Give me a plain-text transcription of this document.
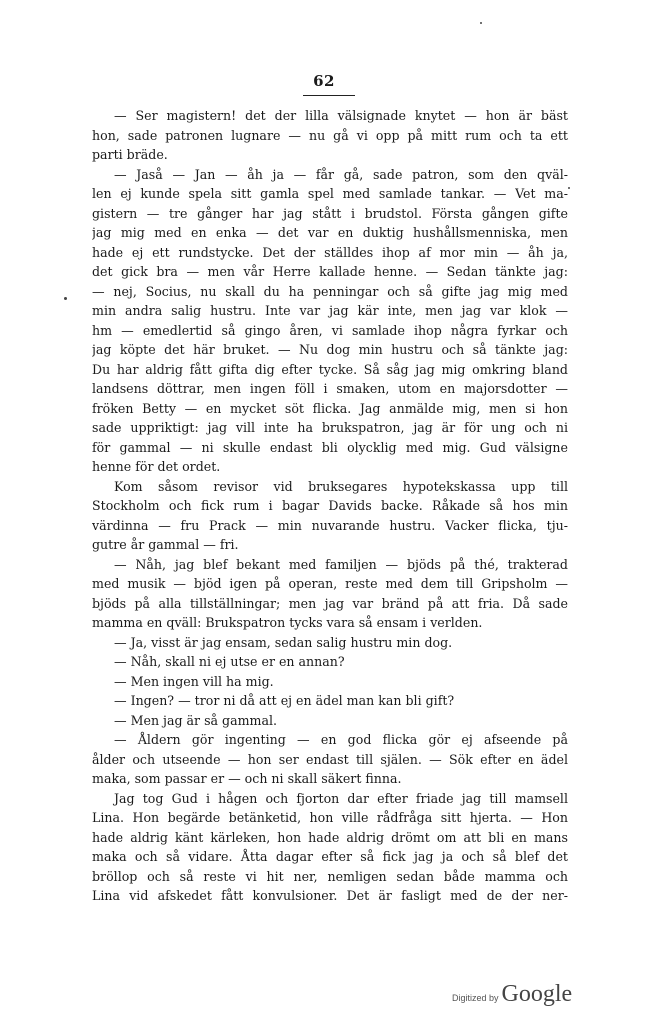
62
— Ser magistern! det der lilla välsignade knytet — hon är bäst
hon, sade patronen lugnare — nu gå vi opp på mitt rum och ta ett
parti bräde.
— Jaså — Jan — åh ja — får gå, sade patron, som den qväl-
len ej kunde spela sitt gamla spel med samlade tankar. — Vet ma-
gistern — tre gånger har jag stått i brudstol. Första gången gifte
jag mig med en enka — det var en duktig hushållsmenniska, men
hade ej ett rundstycke. Det der ställdes ihop af mor min — åh ja,
det gick bra — men vår Herre kallade henne. — Sedan tänkte jag:
— nej, Socius, nu skall du ha penningar och så gifte jag mig med
min andra salig hustru. Inte var jag kär inte, men jag var klok —
hm — emedlertid så gingo åren, vi samlade ihop några fyrkar och
jag köpte det här bruket. — Nu dog min hustru och så tänkte jag:
Du har aldrig fått gifta dig efter tycke. Så såg jag mig omkring bland
landsens döttrar, men ingen föll i smaken, utom en majorsdotter —
fröken Betty — en mycket söt flicka. Jag anmälde mig, men si hon
sade uppriktigt: jag vill inte ha brukspatron, jag är för ung och ni
för gammal — ni skulle endast bli olycklig med mig. Gud välsigne
henne för det ordet.
Kom såsom revisor vid bruksegares hypotekskassa upp till
Stockholm och fick rum i bagar Davids backe. Råkade så hos min
värdinna — fru Prack — min nuvarande hustru. Vacker flicka, tju-
gutre år gammal — fri.
— Nåh, jag blef bekant med familjen — bjöds på thé, trakterad
med musik — bjöd igen på operan, reste med dem till Gripsholm —
bjöds på alla tillställningar; men jag var bränd på att fria. Då sade
mamma en qväll: Brukspatron tycks vara så ensam i verlden.
— Ja, visst är jag ensam, sedan salig hustru min dog.
— Nåh, skall ni ej utse er en annan?
— Men ingen vill ha mig.
— Ingen? — tror ni då att ej en ädel man kan bli gift?
— Men jag är så gammal.
— Åldern gör ingenting — en god flicka gör ej afseende på
ålder och utseende — hon ser endast till själen. — Sök efter en ädel
maka, som passar er — och ni skall säkert finna.
Jag tog Gud i hågen och fjorton dar efter friade jag till mamsell
Lina. Hon begärde betänketid, hon ville rådfråga sitt hjerta. — Hon
hade aldrig känt kärleken, hon hade aldrig drömt om att bli en mans
maka och så vidare. Åtta dagar efter så fick jag ja och så blef det
bröllop och så reste vi hit ner, nemligen sedan både mamma och
Lina vid afskedet fått konvulsioner. Det är fasligt med de der ner-
Digitized by Google
